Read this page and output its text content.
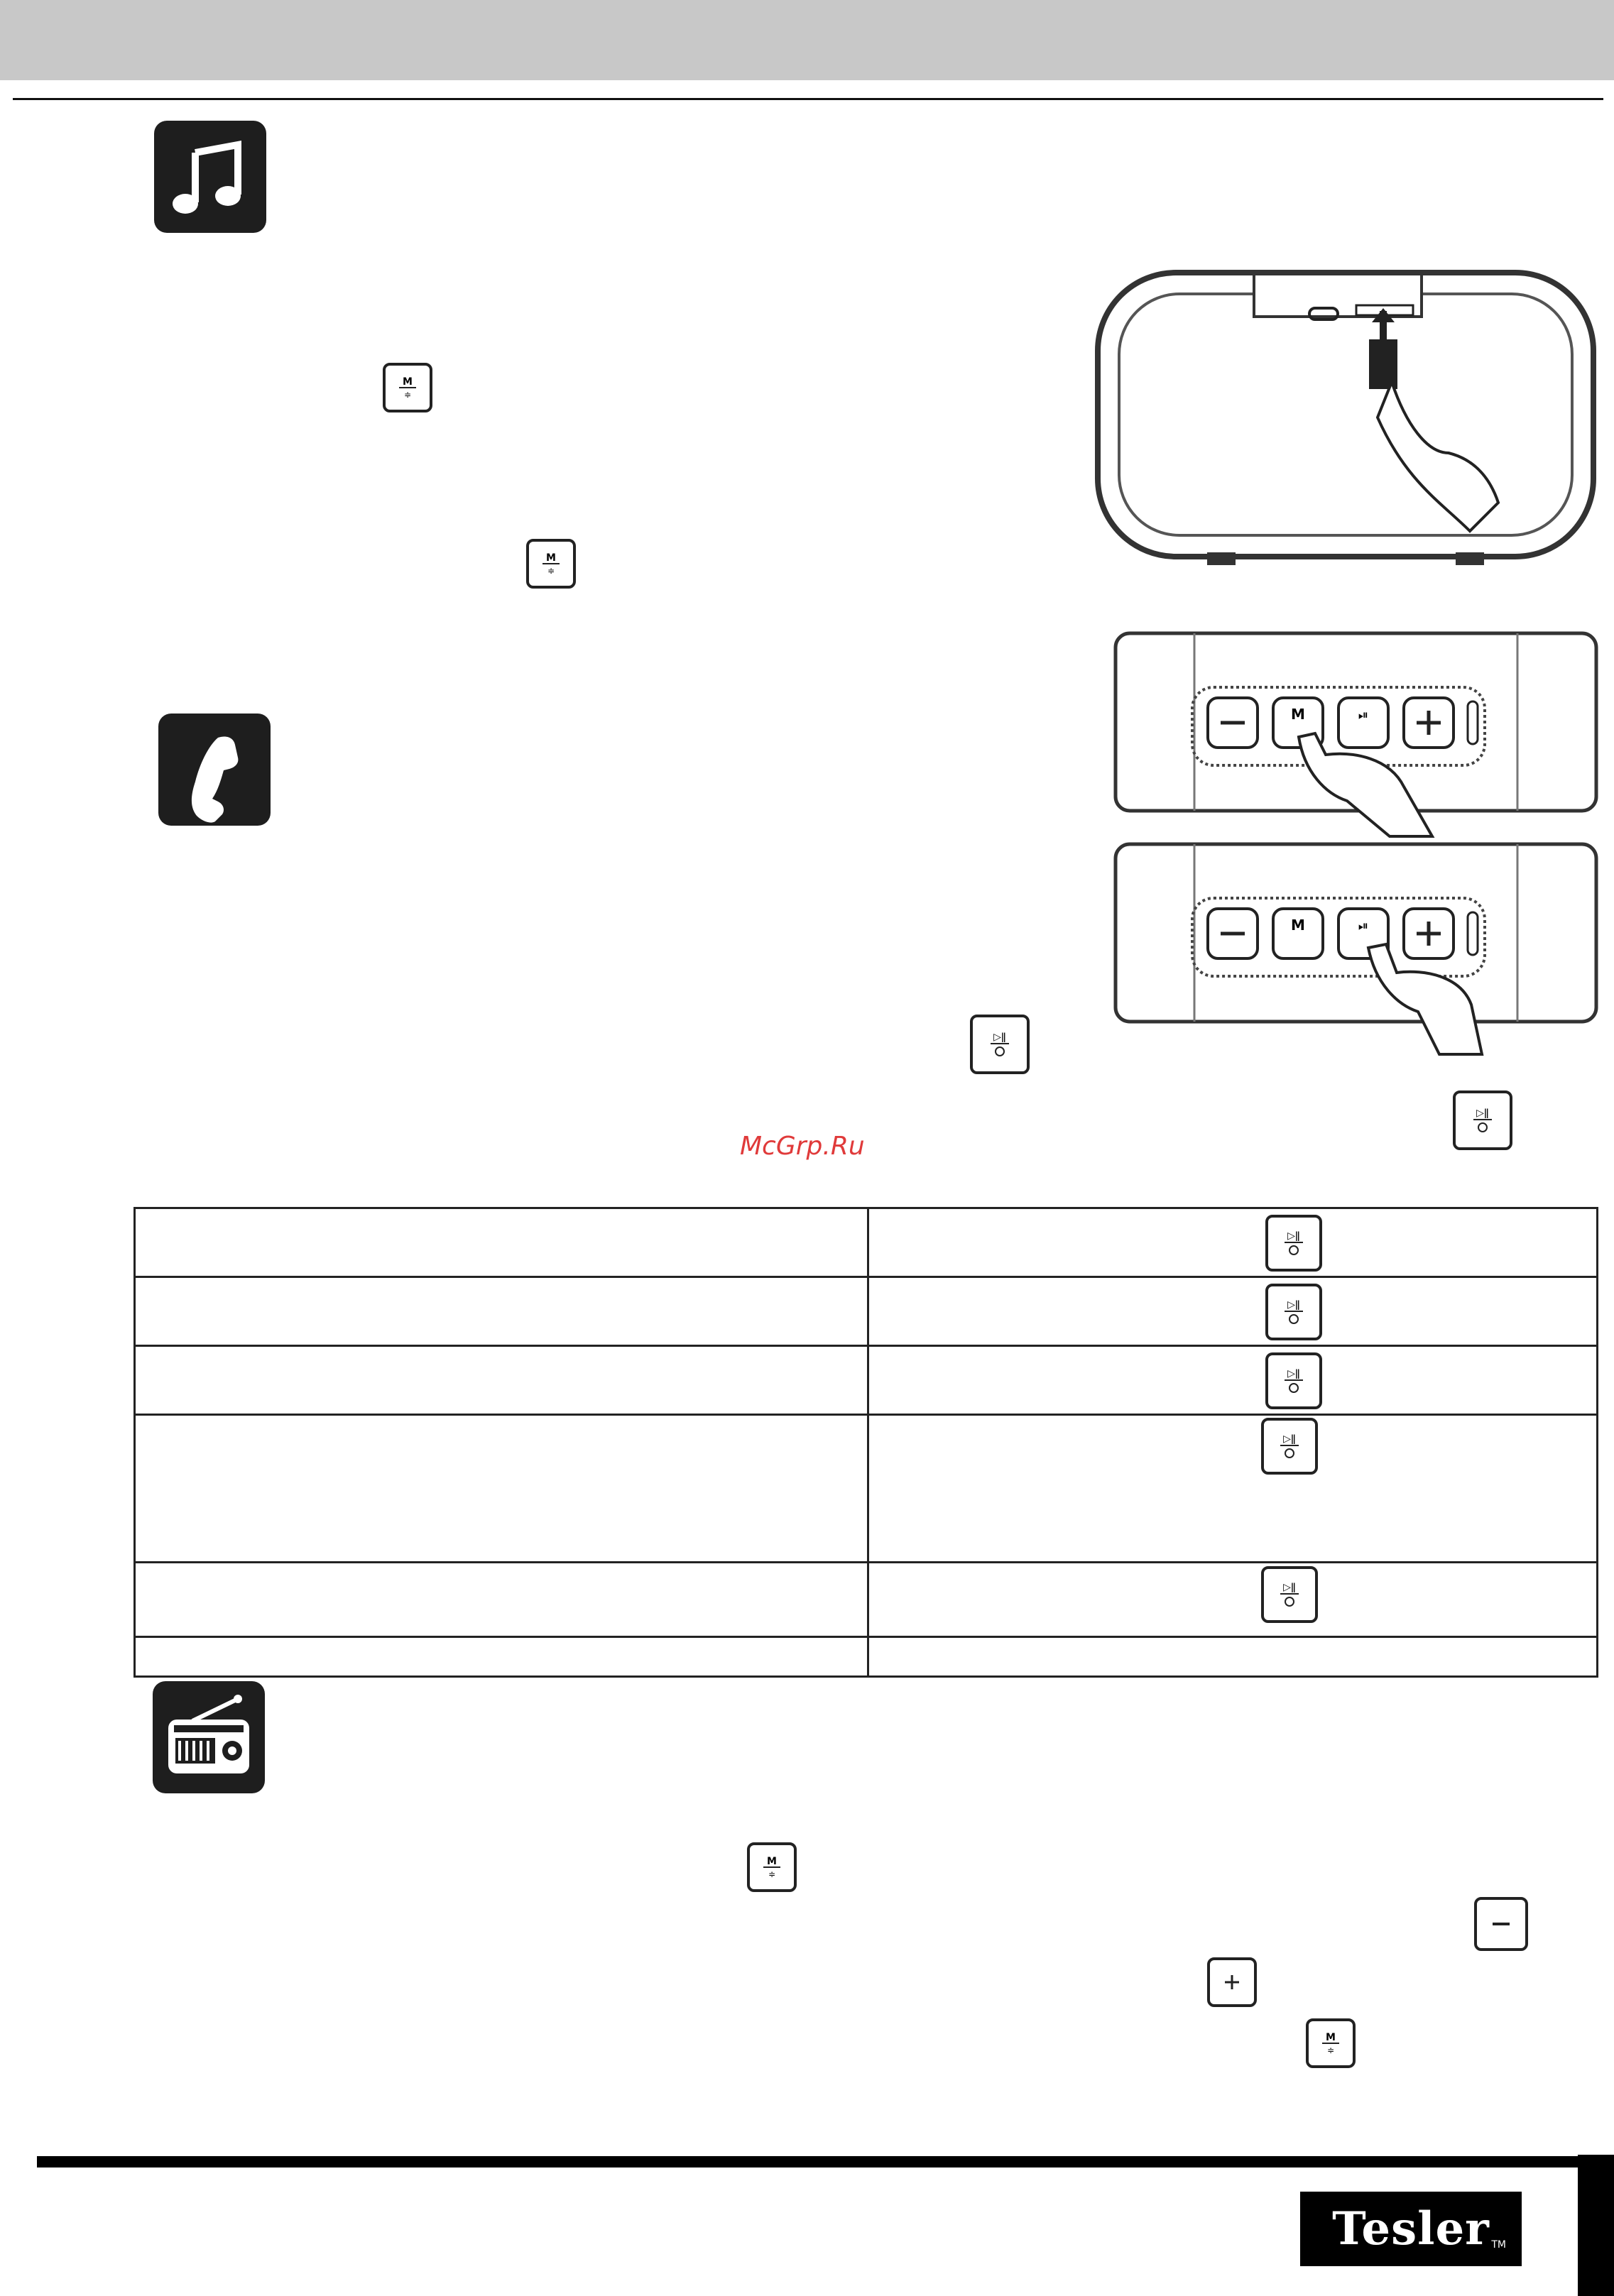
M
≑
M
≑
M	⏯
M	⏯
▷ǁ
▷ǁ
McGrp.Ru

▷ǁ

▷ǁ

▷ǁ

▷ǁ

▷ǁ

M
≑
M
≑
Tesler TM
